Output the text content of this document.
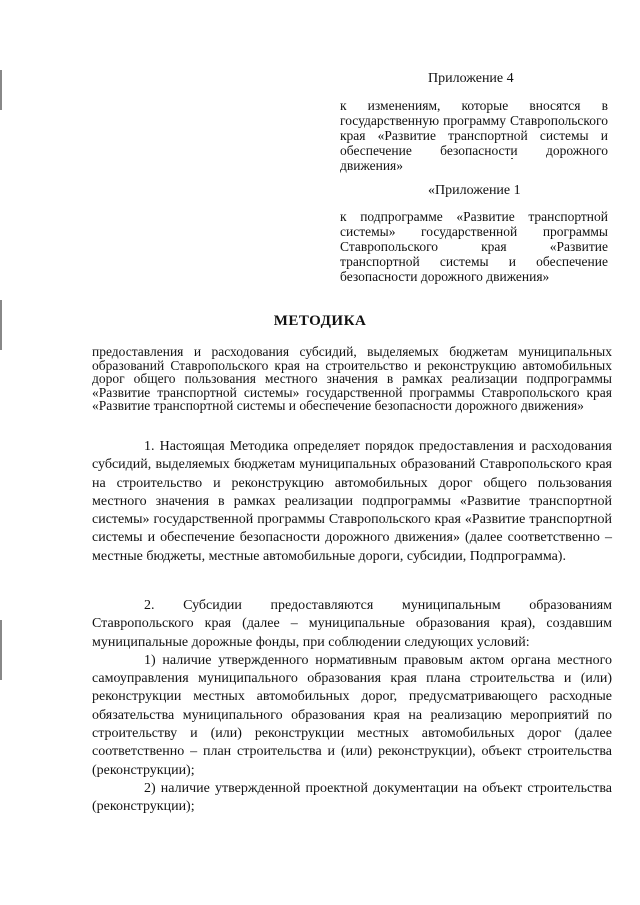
Приложение 4
к изменениям, которые вносятся в государственную программу Ставропольского края «Развитие транспортной системы и обеспечение безопасности дорожного движения»
«Приложение 1
к подпрограмме «Развитие транспортной системы» государственной программы Ставропольского края «Развитие транспортной системы и обеспечение безопасности дорожного движения»
МЕТОДИКА
предоставления и расходования субсидий, выделяемых бюджетам муниципальных образований Ставропольского края на строительство и реконструкцию автомобильных дорог общего пользования местного значения в рамках реализации подпрограммы «Развитие транспортной системы» государственной программы Ставропольского края «Развитие транспортной системы и обеспечение безопасности дорожного движения»

1. Настоящая Методика определяет порядок предоставления и расходования субсидий, выделяемых бюджетам муниципальных образований Ставропольского края на строительство и реконструкцию автомобильных дорог общего пользования местного значения в рамках реализации подпрограммы «Развитие транспортной системы» государственной программы Ставропольского края «Развитие транспортной системы и обеспечение безопасности дорожного движения» (далее соответственно – местные бюджеты, местные автомобильные дороги, субсидии, Подпрограмма).

2. Субсидии предоставляются муниципальным образованиям Ставропольского края (далее – муниципальные образования края), создавшим муниципальные дорожные фонды, при соблюдении следующих условий:

1) наличие утвержденного нормативным правовым актом органа местного самоуправления муниципального образования края плана строительства и (или) реконструкции местных автомобильных дорог, предусматривающего расходные обязательства муниципального образования края на реализацию мероприятий по строительству и (или) реконструкции местных автомобильных дорог (далее соответственно – план строительства и (или) реконструкции), объект строительства (реконструкции);

2) наличие утвержденной проектной документации на объект строительства (реконструкции);
